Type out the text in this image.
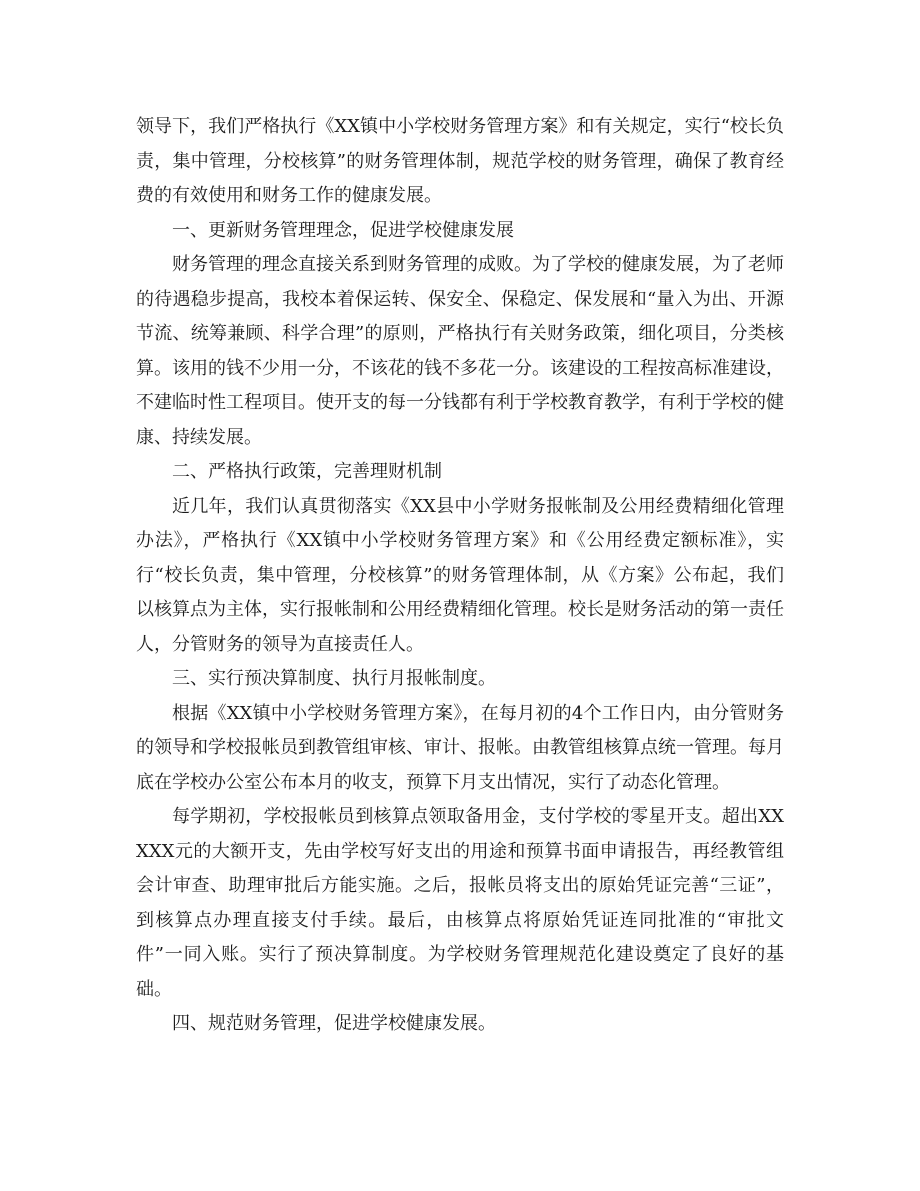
领导下，我们严格执行《XX镇中小学校财务管理方案》和有关规定，实行“校长负责，集中管理，分校核算”的财务管理体制，规范学校的财务管理，确保了教育经费的有效使用和财务工作的健康发展。

一、更新财务管理理念，促进学校健康发展

财务管理的理念直接关系到财务管理的成败。为了学校的健康发展，为了老师的待遇稳步提高，我校本着保运转、保安全、保稳定、保发展和“量入为出、开源节流、统筹兼顾、科学合理”的原则，严格执行有关财务政策，细化项目，分类核算。该用的钱不少用一分，不该花的钱不多花一分。该建设的工程按高标准建设，不建临时性工程项目。使开支的每一分钱都有利于学校教育教学，有利于学校的健康、持续发展。

二、严格执行政策，完善理财机制

近几年，我们认真贯彻落实《XX县中小学财务报帐制及公用经费精细化管理办法》，严格执行《XX镇中小学校财务管理方案》和《公用经费定额标准》，实行“校长负责，集中管理，分校核算”的财务管理体制，从《方案》公布起，我们以核算点为主体，实行报帐制和公用经费精细化管理。校长是财务活动的第一责任人，分管财务的领导为直接责任人。

三、实行预决算制度、执行月报帐制度。

根据《XX镇中小学校财务管理方案》，在每月初的4个工作日内，由分管财务的领导和学校报帐员到教管组审核、审计、报帐。由教管组核算点统一管理。每月底在学校办公室公布本月的收支，预算下月支出情况，实行了动态化管理。

每学期初，学校报帐员到核算点领取备用金，支付学校的零星开支。超出XXXXX元的大额开支，先由学校写好支出的用途和预算书面申请报告，再经教管组会计审查、助理审批后方能实施。之后，报帐员将支出的原始凭证完善“三证”，到核算点办理直接支付手续。最后，由核算点将原始凭证连同批准的“审批文件”一同入账。实行了预决算制度。为学校财务管理规范化建设奠定了良好的基础。

四、规范财务管理，促进学校健康发展。
